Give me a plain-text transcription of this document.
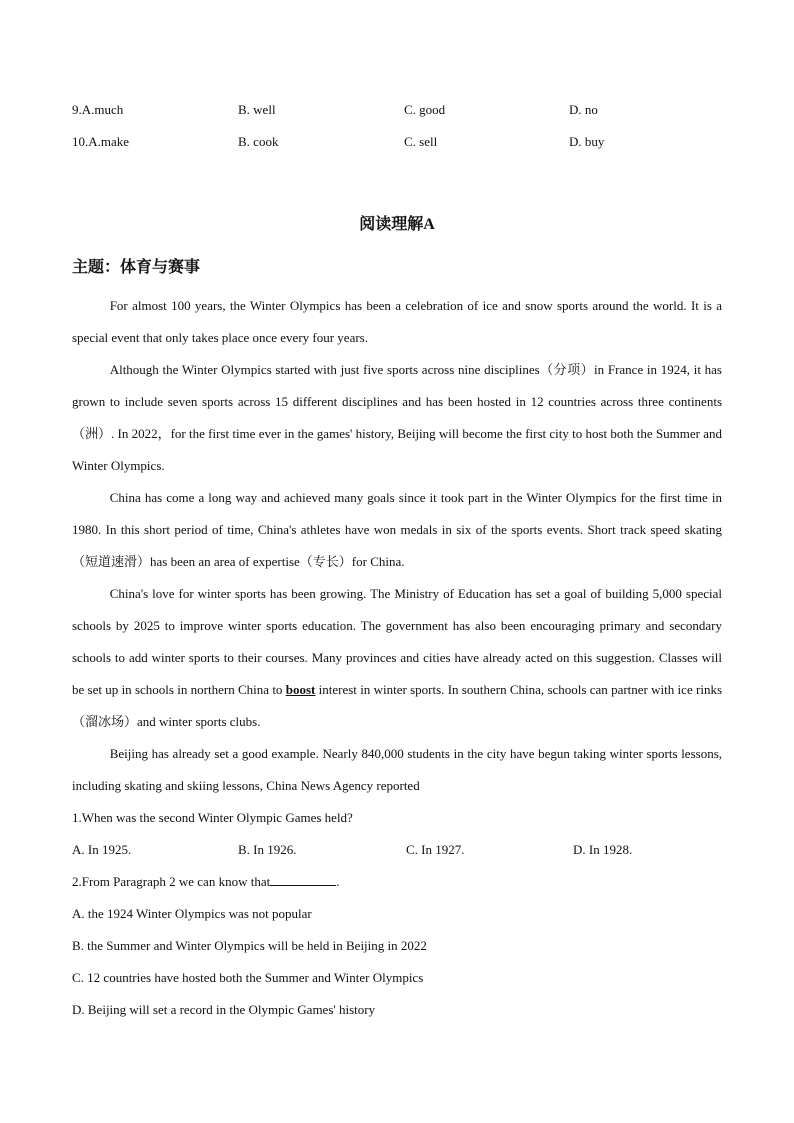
9.A.much	B. well	C. good	D. no
10.A.make	B. cook	C. sell	D. buy
阅读理解A
主题：体育与赛事

For almost 100 years, the Winter Olympics has been a celebration of ice and snow sports around the world. It is a special event that only takes place once every four years.

Although the Winter Olympics started with just five sports across nine disciplines（分项）in France in 1924, it has grown to include seven sports across 15 different disciplines and has been hosted in 12 countries across three continents（洲）. In 2022，for the first time ever in the games' history, Beijing will become the first city to host both the Summer and Winter Olympics.

China has come a long way and achieved many goals since it took part in the Winter Olympics for the first time in 1980. In this short period of time, China's athletes have won medals in six of the sports events. Short track speed skating（短道速滑）has been an area of expertise（专长）for China.

China's love for winter sports has been growing. The Ministry of Education has set a goal of building 5,000 special schools by 2025 to improve winter sports education. The government has also been encouraging primary and secondary schools to add winter sports to their courses. Many provinces and cities have already acted on this suggestion. Classes will be set up in schools in northern China to boost interest in winter sports. In southern China, schools can partner with ice rinks（溜冰场）and winter sports clubs.

Beijing has already set a good example. Nearly 840,000 students in the city have begun taking winter sports lessons, including skating and skiing lessons, China News Agency reported

1.When was the second Winter Olympic Games held?

A. In 1925.	B. In 1926.	C. In 1927.	D. In 1928.

2.From Paragraph 2 we can know that	.

A. the 1924 Winter Olympics was not popular

B. the Summer and Winter Olympics will be held in Beijing in 2022

C. 12 countries have hosted both the Summer and Winter Olympics

D. Beijing will set a record in the Olympic Games' history
